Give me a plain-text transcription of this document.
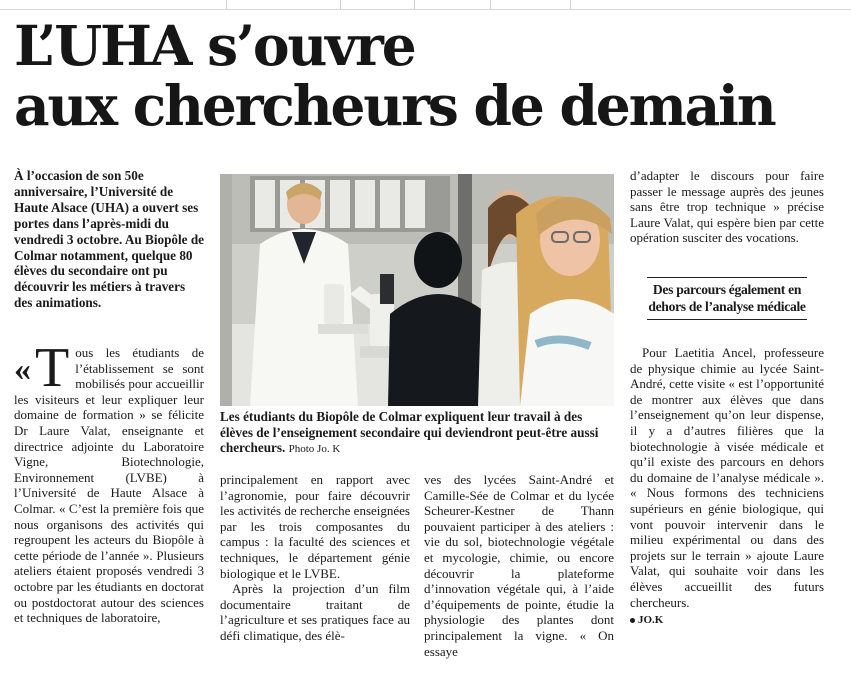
L’UHA s’ouvre
aux chercheurs de demain

À l’occasion de son 50e anniversaire, l’Université de Haute Alsace (UHA) a ouvert ses portes dans l’après-midi du vendredi 3 octobre. Au Biopôle de Colmar notamment, quelque 80 élèves du secondaire ont pu découvrir les métiers à travers des animations.

« T ous les étudiants de l’établissement se sont mobilisés pour accueillir les visiteurs et leur expliquer leur domaine de formation » se félicite Dr Laure Valat, enseignante et directrice adjointe du Laboratoire Vigne, Biotechnologie, Environnement (LVBE) à l’Université de Haute Alsace à Colmar. « C’est la première fois que nous organisons des activités qui regroupent les acteurs du Biopôle à cette période de l’année ». Plusieurs ateliers étaient proposés vendredi 3 octobre par les étudiants en doctorat ou postdoctorat autour des sciences et techniques de laboratoire,

Les étudiants du Biopôle de Colmar expliquent leur travail à des élèves de l’enseignement secondaire qui deviendront peut-être aussi chercheurs. Photo Jo. K

principalement en rapport avec l’agronomie, pour faire découvrir les activités de recherche enseignées par les trois composantes du campus : la faculté des sciences et techniques, le département génie biologique et le LVBE.

Après la projection d’un film documentaire traitant de l’agriculture et ses pratiques face au défi climatique, des élè-

ves des lycées Saint-André et Camille-Sée de Colmar et du lycée Scheurer-Kestner de Thann pouvaient participer à des ateliers : vie du sol, biotechnologie végétale et mycologie, chimie, ou encore découvrir la plateforme d’innovation végétale qui, à l’aide d’équipements de pointe, étudie la physiologie des plantes dont principalement la vigne. « On essaye

d’adapter le discours pour faire passer le message auprès des jeunes sans être trop technique » précise Laure Valat, qui espère bien par cette opération susciter des vocations.

Des parcours également en dehors de l’analyse médicale

Pour Laetitia Ancel, professeure de physique chimie au lycée Saint-André, cette visite « est l’opportunité de montrer aux élèves que dans l’enseignement qu’on leur dispense, il y a d’autres filières que la biotechnologie à visée médicale et qu’il existe des parcours en dehors du domaine de l’analyse médicale ». « Nous formons des techniciens supérieurs en génie biologique, qui vont pouvoir intervenir dans le milieu expérimental ou dans des projets sur le terrain » ajoute Laure Valat, qui souhaite voir dans les élèves accueillit des futurs chercheurs.

JO.K
